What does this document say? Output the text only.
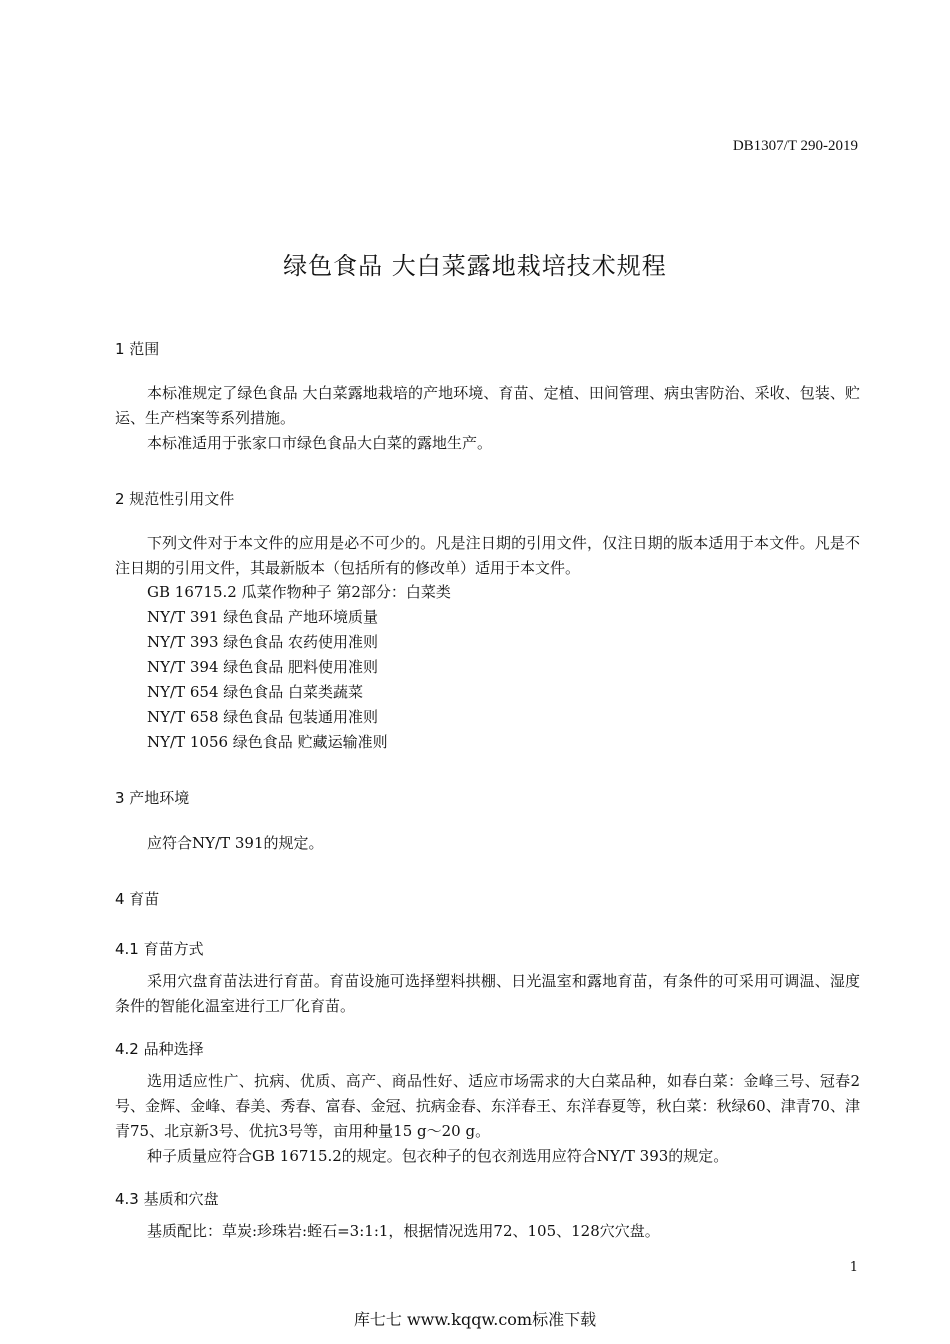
DB1307/T 290-2019
绿色食品 大白菜露地栽培技术规程
1 范围
本标准规定了绿色食品 大白菜露地栽培的产地环境、育苗、定植、田间管理、病虫害防治、采收、包装、贮运、生产档案等系列措施。
本标准适用于张家口市绿色食品大白菜的露地生产。
2 规范性引用文件
下列文件对于本文件的应用是必不可少的。凡是注日期的引用文件，仅注日期的版本适用于本文件。凡是不注日期的引用文件，其最新版本（包括所有的修改单）适用于本文件。
GB 16715.2 瓜菜作物种子 第2部分：白菜类
NY/T 391 绿色食品 产地环境质量
NY/T 393 绿色食品 农药使用准则
NY/T 394 绿色食品 肥料使用准则
NY/T 654 绿色食品 白菜类蔬菜
NY/T 658 绿色食品 包装通用准则
NY/T 1056 绿色食品 贮藏运输准则
3 产地环境
应符合NY/T 391的规定。
4 育苗
4.1 育苗方式
采用穴盘育苗法进行育苗。育苗设施可选择塑料拱棚、日光温室和露地育苗，有条件的可采用可调温、湿度条件的智能化温室进行工厂化育苗。
4.2 品种选择
选用适应性广、抗病、优质、高产、商品性好、适应市场需求的大白菜品种，如春白菜：金峰三号、冠春2号、金辉、金峰、春美、秀春、富春、金冠、抗病金春、东洋春王、东洋春夏等，秋白菜：秋绿60、津青70、津青75、北京新3号、优抗3号等，亩用种量15 g～20 g。
种子质量应符合GB 16715.2的规定。包衣种子的包衣剂选用应符合NY/T 393的规定。
4.3 基质和穴盘
基质配比：草炭:珍珠岩:蛭石=3:1:1，根据情况选用72、105、128穴穴盘。
1
库七七 www.kqqw.com标准下载
